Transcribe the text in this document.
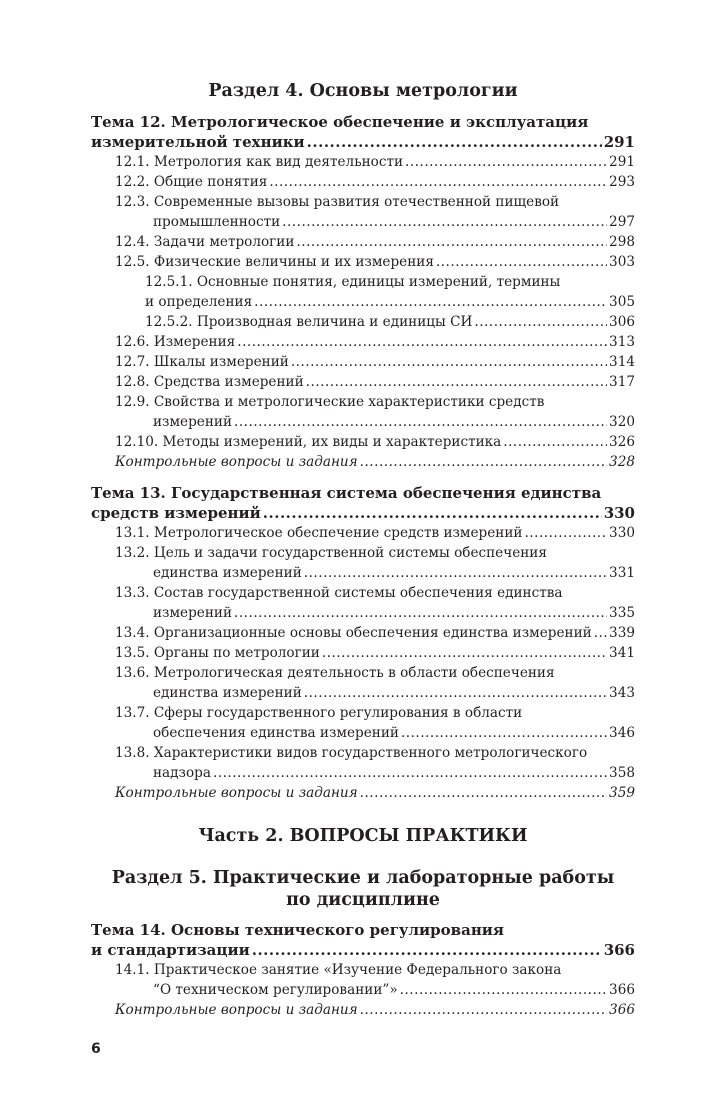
Раздел 4. Основы метрологии
Тема 12. Метрологическое обеспечение и эксплуатация
измерительной техники .....	291
12.1. Метрология как вид деятельности .....	291
12.2. Общие понятия .....	293
12.3. Современные вызовы развития отечественной пищевой
промышленности .....	297
12.4. Задачи метрологии .....	298
12.5. Физические величины и их измерения .....	303
12.5.1. Основные понятия, единицы измерений, термины
и определения .....	305
12.5.2. Производная величина и единицы СИ .....	306
12.6. Измерения .....	313
12.7. Шкалы измерений .....	314
12.8. Средства измерений .....	317
12.9. Свойства и метрологические характеристики средств
измерений .....	320
12.10. Методы измерений, их виды и характеристика .....	326
Контрольные вопросы и задания .....	328
Тема 13. Государственная система обеспечения единства
средств измерений .....	330
13.1. Метрологическое обеспечение средств измерений .....	330
13.2. Цель и задачи государственной системы обеспечения
единства измерений .....	331
13.3. Состав государственной системы обеспечения единства
измерений .....	335
13.4. Организационные основы обеспечения единства измерений ..... 339
13.5. Органы по метрологии .....	341
13.6. Метрологическая деятельность в области обеспечения
единства измерений .....	343
13.7. Сферы государственного регулирования в области
обеспечения единства измерений .....	346
13.8. Характеристики видов государственного метрологического
надзора .....	358
Контрольные вопросы и задания .....	359
Часть 2. ВОПРОСЫ ПРАКТИКИ
Раздел 5. Практические и лабораторные работы
по дисциплине
Тема 14. Основы технического регулирования
и стандартизации .....	366
14.1. Практическое занятие «Изучение Федерального закона
“О техническом регулировании”» .....	366
Контрольные вопросы и задания .....	366
6
